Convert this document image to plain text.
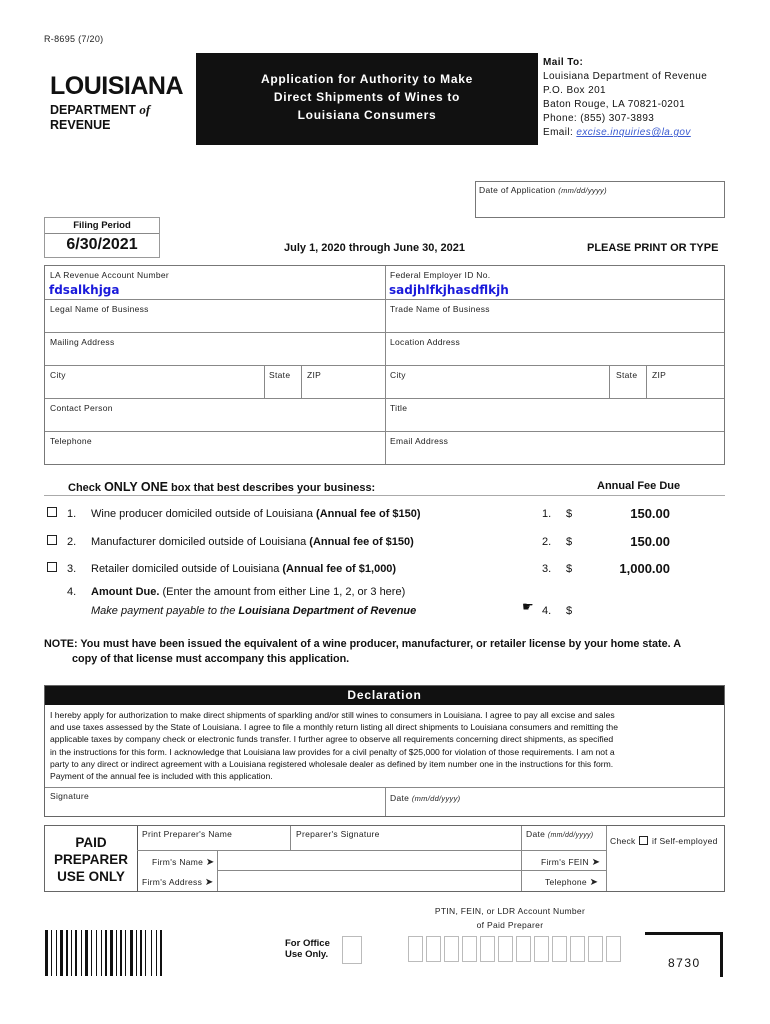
R-8695 (7/20)
LOUISIANA
DEPARTMENT of REVENUE
Application for Authority to Make
Direct Shipments of Wines to
Louisiana Consumers
Mail To:
Louisiana Department of Revenue
P.O. Box 201
Baton Rouge, LA 70821-0201
Phone: (855) 307-3893
Email: excise.inquiries@la.gov
Date of Application (mm/dd/yyyy)
Filing Period
6/30/2021	July 1, 2020 through June 30, 2021	PLEASE PRINT OR TYPE
LA Revenue Account Number
fdsalkhjga
Federal Employer ID No.
sadjhlfkjhasdflkjh
Legal Name of Business	Trade Name of Business
Mailing Address	Location Address
City	State ZIP	City	State ZIP
Contact Person	Title
Telephone	Email Address
Check ONLY ONE box that best describes your business:	Annual Fee Due
1. Wine producer domiciled outside of Louisiana (Annual fee of $150)	1. $	150.00
2. Manufacturer domiciled outside of Louisiana (Annual fee of $150)	2. $	150.00
3. Retailer domiciled outside of Louisiana (Annual fee of $1,000)	3. $	1,000.00
4. Amount Due. (Enter the amount from either Line 1, 2, or 3 here)
Make payment payable to the Louisiana Department of Revenue	☛ 4. $
NOTE: You must have been issued the equivalent of a wine producer, manufacturer, or retailer license by your home state. A
copy of that license must accompany this application.
Declaration
I hereby apply for authorization to make direct shipments of sparkling and/or still wines to consumers in Louisiana. I agree to pay all excise and sales
and use taxes assessed by the State of Louisiana. I agree to file a monthly return listing all direct shipments to Louisiana consumers and remitting the
applicable taxes by company check or electronic funds transfer. I further agree to observe all requirements concerning direct shipments, as specified
in the instructions for this form. I acknowledge that Louisiana law provides for a civil penalty of $25,000 for violation of those requirements. I am not a
party to any direct or indirect agreement with a Louisiana registered wholesale dealer as defined by item number one in the instructions for this form.
Payment of the annual fee is included with this application.
Signature	Date (mm/dd/yyyy)
PAID
PREPARER
USE ONLY
Print Preparer's Name	Preparer's Signature	Date (mm/dd/yyyy)
Check if Self-employed
Firm's Name ➤
Firm's Address ➤
Firm's FEIN ➤
Telephone ➤
PTIN, FEIN, or LDR Account Number
of Paid Preparer
For Office
Use Only.
8730
